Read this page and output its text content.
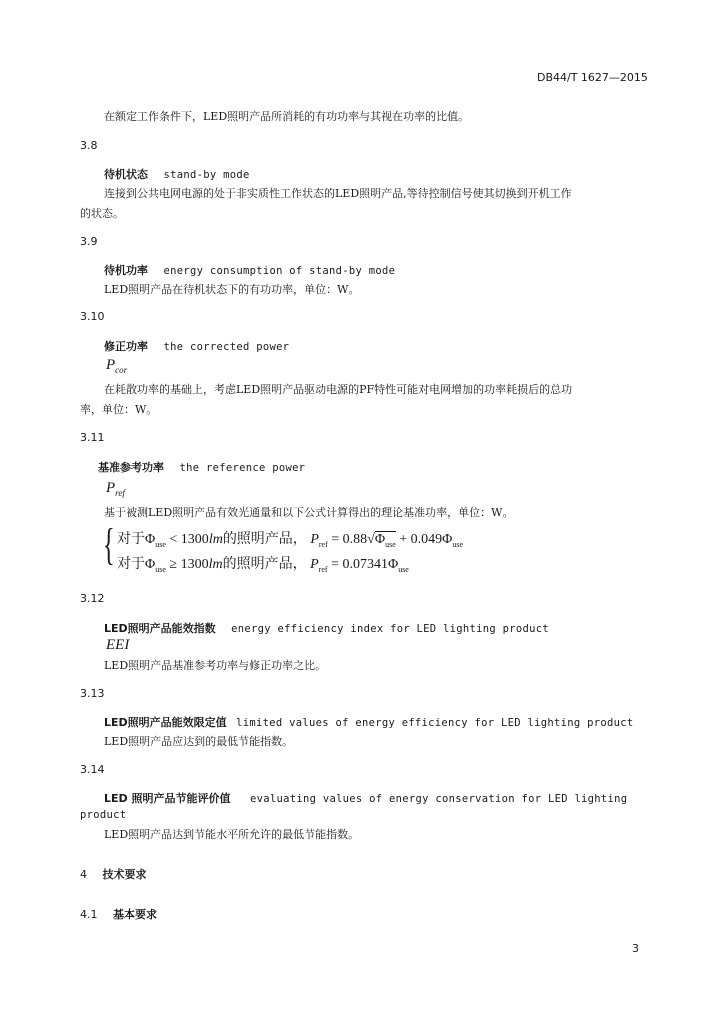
DB44/T 1627—2015
在额定工作条件下，LED照明产品所消耗的有功功率与其视在功率的比值。
3.8
待机状态 stand-by mode
连接到公共电网电源的处于非实质性工作状态的LED照明产品,等待控制信号使其切换到开机工作
的状态。
3.9
待机功率 energy consumption of stand-by mode
LED照明产品在待机状态下的有功功率，单位：W。
3.10
修正功率 the corrected power
$P_{cor}$
在耗散功率的基础上，考虑LED照明产品驱动电源的PF特性可能对电网增加的功率耗损后的总功
率，单位：W。
3.11
基准参考功率 the reference power
$P_{ref}$
基于被测LED照明产品有效光通量和以下公式计算得出的理论基准功率，单位：W。
{ 对于$\Phi_{use} < 1300lm$的照明产品， $P_{ref} = 0.88√\Phi_{use} + 0.049\Phi_{use}$
对于$\Phi_{use} \ge 1300lm$的照明产品， $P_{ref} = 0.07341\Phi_{use}$
3.12
LED照明产品能效指数 energy efficiency index for LED lighting product
EEI
LED照明产品基准参考功率与修正功率之比。
3.13
LED照明产品能效限定值 limited values of energy efficiency for LED lighting product
LED照明产品应达到的最低节能指数。
3.14
LED 照明产品节能评价值 evaluating values of energy conservation for LED lighting
product
LED照明产品达到节能水平所允许的最低节能指数。
4 技术要求
4.1 基本要求
3
